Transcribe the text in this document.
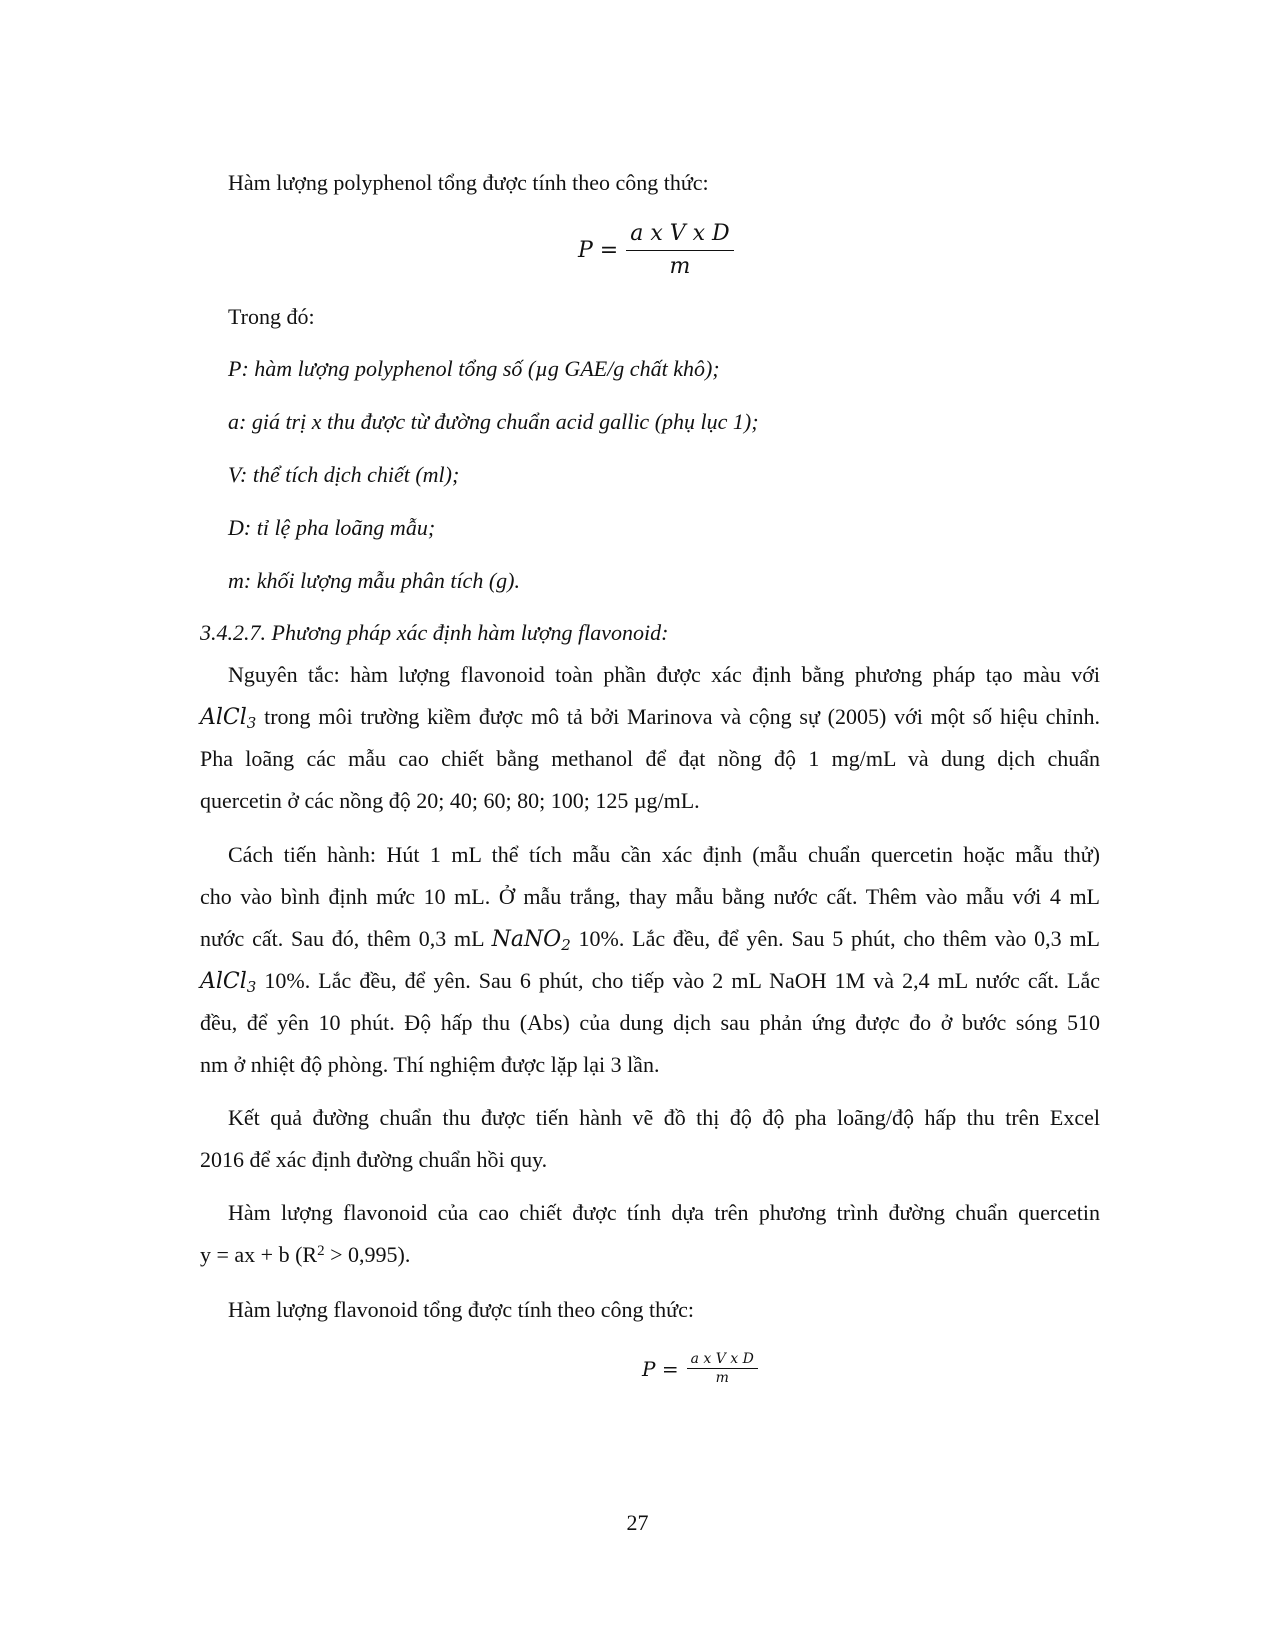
Hàm lượng polyphenol tổng được tính theo công thức:
$P = \frac{\text{a x V x D}}{m}$
Trong đó:
P: hàm lượng polyphenol tổng số (µg GAE/g chất khô);
a: giá trị x thu được từ đường chuẩn acid gallic (phụ lục 1);
V: thể tích dịch chiết (ml);
D: tỉ lệ pha loãng mẫu;
m: khối lượng mẫu phân tích (g).
3.4.2.7. Phương pháp xác định hàm lượng flavonoid:
Nguyên tắc: hàm lượng flavonoid toàn phần được xác định bằng phương pháp tạo màu với
AlCl$_3$ trong môi trường kiềm được mô tả bởi Marinova và cộng sự (2005) với một số hiệu chỉnh.
Pha loãng các mẫu cao chiết bằng methanol để đạt nồng độ 1 mg/mL và dung dịch chuẩn
quercetin ở các nồng độ 20; 40; 60; 80; 100; 125 µg/mL.
Cách tiến hành: Hút 1 mL thể tích mẫu cần xác định (mẫu chuẩn quercetin hoặc mẫu thử)
cho vào bình định mức 10 mL. Ở mẫu trắng, thay mẫu bằng nước cất. Thêm vào mẫu với 4 mL
nước cất. Sau đó, thêm 0,3 mL NaNO$_2$ 10%. Lắc đều, để yên. Sau 5 phút, cho thêm vào 0,3 mL
AlCl$_3$ 10%. Lắc đều, để yên. Sau 6 phút, cho tiếp vào 2 mL NaOH 1M và 2,4 mL nước cất. Lắc
đều, để yên 10 phút. Độ hấp thu (Abs) của dung dịch sau phản ứng được đo ở bước sóng 510
nm ở nhiệt độ phòng. Thí nghiệm được lặp lại 3 lần.
Kết quả đường chuẩn thu được tiến hành vẽ đồ thị độ độ pha loãng/độ hấp thu trên Excel
2016 để xác định đường chuẩn hồi quy.
Hàm lượng flavonoid của cao chiết được tính dựa trên phương trình đường chuẩn quercetin
y = ax + b $(R^2 > 0,995)$.
Hàm lượng flavonoid tổng được tính theo công thức:
$P = \frac{\text{a x V x D}}{m}$
27
